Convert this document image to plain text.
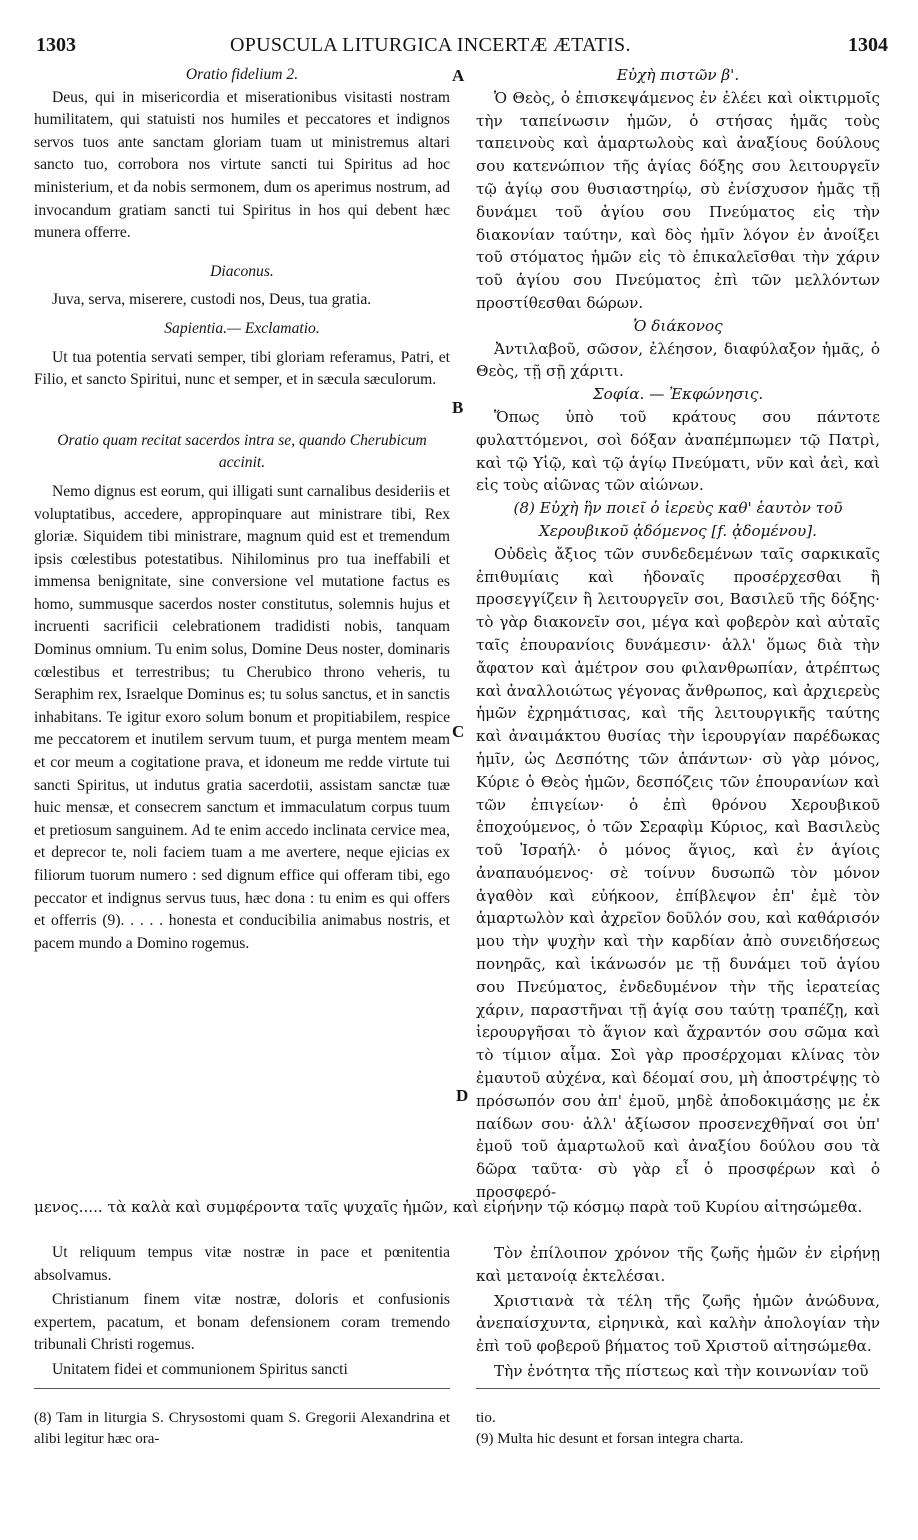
1303	OPUSCULA LITURGICA INCERTÆ ÆTATIS.	1304
A
B
C
D

Oratio fidelium 2.

Deus, qui in misericordia et miserationibus visitasti nostram humilitatem, qui statuisti nos humiles et peccatores et indignos servos tuos ante sanctam gloriam tuam ut ministremus altari sancto tuo, corrobora nos virtute sancti tui Spiritus ad hoc ministerium, et da nobis sermonem, dum os aperimus nostrum, ad invocandum gratiam sancti tui Spiritus in hos qui debent hæc munera offerre.

Diaconus.

Juva, serva, miserere, custodi nos, Deus, tua gratia.

Sapientia.— Exclamatio.

Ut tua potentia servati semper, tibi gloriam referamus, Patri, et Filio, et sancto Spiritui, nunc et semper, et in sæcula sæculorum.

Oratio quam recitat sacerdos intra se, quando Cherubicum accinit.

Nemo dignus est eorum, qui illigati sunt carnalibus desideriis et voluptatibus, accedere, appropinquare aut ministrare tibi, Rex gloriæ. Siquidem tibi ministrare, magnum quid est et tremendum ipsis cœlestibus potestatibus. Nihilominus pro tua ineffabili et immensa benignitate, sine conversione vel mutatione factus es homo, summusque sacerdos noster constitutus, solemnis hujus et incruenti sacrificii celebrationem tradidisti nobis, tanquam Dominus omnium. Tu enim solus, Domine Deus noster, dominaris cœlestibus et terrestribus; tu Cherubico throno veheris, tu Seraphim rex, Israelque Dominus es; tu solus sanctus, et in sanctis inhabitans. Te igitur exoro solum bonum et propitiabilem, respice me peccatorem et inutilem servum tuum, et purga mentem meam et cor meum a cogitatione prava, et idoneum me redde virtute tui sancti Spiritus, ut indutus gratia sacerdotii, assistam sanctæ tuæ huic mensæ, et consecrem sanctum et immaculatum corpus tuum et pretiosum sanguinem. Ad te enim accedo inclinata cervice mea, et deprecor te, noli faciem tuam a me avertere, neque ejicias ex filiorum tuorum numero : sed dignum effice qui offeram tibi, ego peccator et indignus servus tuus, hæc dona : tu enim es qui offers et offerris (9). . . . . honesta et conducibilia animabus nostris, et pacem mundo a Domino rogemus.

Εὐχὴ πιστῶν β'.

Ὁ Θεὸς, ὁ ἐπισκεψάμενος ἐν ἐλέει καὶ οἰκτιρμοῖς τὴν ταπείνωσιν ἡμῶν, ὁ στήσας ἡμᾶς τοὺς ταπεινοὺς καὶ ἁμαρτωλοὺς καὶ ἀναξίους δούλους σου κατενώπιον τῆς ἁγίας δόξης σου λειτουργεῖν τῷ ἁγίῳ σου θυσιαστηρίῳ, σὺ ἐνίσχυσον ἡμᾶς τῇ δυνάμει τοῦ ἁγίου σου Πνεύματος εἰς τὴν διακονίαν ταύτην, καὶ δὸς ἡμῖν λόγον ἐν ἀνοίξει τοῦ στόματος ἡμῶν εἰς τὸ ἐπικαλεῖσθαι τὴν χάριν τοῦ ἁγίου σου Πνεύματος ἐπὶ τῶν μελλόντων προστίθεσθαι δώρων.

Ὁ διάκονος

Ἀντιλαβοῦ, σῶσον, ἐλέησον, διαφύλαξον ἡμᾶς, ὁ Θεὸς, τῇ σῇ χάριτι.

Σοφία. — Ἐκφώνησις.

Ὅπως ὑπὸ τοῦ κράτους σου πάντοτε φυλαττόμενοι, σοὶ δόξαν ἀναπέμπωμεν τῷ Πατρὶ, καὶ τῷ Υἱῷ, καὶ τῷ ἁγίῳ Πνεύματι, νῦν καὶ ἀεὶ, καὶ εἰς τοὺς αἰῶνας τῶν αἰώνων.

(8) Εὐχὴ ἣν ποιεῖ ὁ ἱερεὺς καθ' ἑαυτὸν τοῦ Χερουβικοῦ ᾀδόμενος [f. ᾀδομένου].

Οὐδεὶς ἄξιος τῶν συνδεδεμένων ταῖς σαρκικαῖς ἐπιθυμίαις καὶ ἡδοναῖς προσέρχεσθαι ἢ προσεγγίζειν ἢ λειτουργεῖν σοι, Βασιλεῦ τῆς δόξης· τὸ γὰρ διακονεῖν σοι, μέγα καὶ φοβερὸν καὶ αὐταῖς ταῖς ἐπουρανίοις δυνάμεσιν· ἀλλ' ὅμως διὰ τὴν ἄφατον καὶ ἀμέτρον σου φιλανθρωπίαν, ἀτρέπτως καὶ ἀναλλοιώτως γέγονας ἄνθρωπος, καὶ ἀρχιερεὺς ἡμῶν ἐχρημάτισας, καὶ τῆς λειτουργικῆς ταύτης καὶ ἀναιμάκτου θυσίας τὴν ἱερουργίαν παρέδωκας ἡμῖν, ὡς Δεσπότης τῶν ἁπάντων· σὺ γὰρ μόνος, Κύριε ὁ Θεὸς ἡμῶν, δεσπόζεις τῶν ἐπουρανίων καὶ τῶν ἐπιγείων· ὁ ἐπὶ θρόνου Χερουβικοῦ ἐποχούμενος, ὁ τῶν Σεραφὶμ Κύριος, καὶ Βασιλεὺς τοῦ Ἰσραήλ· ὁ μόνος ἅγιος, καὶ ἐν ἁγίοις ἀναπαυόμενος· σὲ τοίνυν δυσωπῶ τὸν μόνον ἀγαθὸν καὶ εὐήκοον, ἐπίβλεψον ἐπ' ἐμὲ τὸν ἁμαρτωλὸν καὶ ἀχρεῖον δοῦλόν σου, καὶ καθάρισόν μου τὴν ψυχὴν καὶ τὴν καρδίαν ἀπὸ συνειδήσεως πονηρᾶς, καὶ ἱκάνωσόν με τῇ δυνάμει τοῦ ἁγίου σου Πνεύματος, ἐνδεδυμένον τὴν τῆς ἱερατείας χάριν, παραστῆναι τῇ ἁγίᾳ σου ταύτῃ τραπέζῃ, καὶ ἱερουργῆσαι τὸ ἅγιον καὶ ἄχραντόν σου σῶμα καὶ τὸ τίμιον αἷμα. Σοὶ γὰρ προσέρχομαι κλίνας τὸν ἐμαυτοῦ αὐχένα, καὶ δέομαί σου, μὴ ἀποστρέψῃς τὸ πρόσωπόν σου ἀπ' ἐμοῦ, μηδὲ ἀποδοκιμάσῃς με ἐκ παίδων σου· ἀλλ' ἀξίωσον προσενεχθῆναί σοι ὑπ' ἐμοῦ τοῦ ἁμαρτωλοῦ καὶ ἀναξίου δούλου σου τὰ δῶρα ταῦτα· σὺ γὰρ εἶ ὁ προσφέρων καὶ ὁ προσφερό-

μενος..... τὰ καλὰ καὶ συμφέροντα ταῖς ψυχαῖς ἡμῶν, καὶ εἰρήνην τῷ κόσμῳ παρὰ τοῦ Κυρίου αἰτησώμεθα.

Ut reliquum tempus vitæ nostræ in pace et pœnitentia absolvamus.

Christianum finem vitæ nostræ, doloris et confusionis expertem, pacatum, et bonam defensionem coram tremendo tribunali Christi rogemus.

Unitatem fidei et communionem Spiritus sancti

Τὸν ἐπίλοιπον χρόνον τῆς ζωῆς ἡμῶν ἐν εἰρήνῃ καὶ μετανοίᾳ ἐκτελέσαι.

Χριστιανὰ τὰ τέλη τῆς ζωῆς ἡμῶν ἀνώδυνα, ἀνεπαίσχυντα, εἰρηνικὰ, καὶ καλὴν ἀπολογίαν τὴν ἐπὶ τοῦ φοβεροῦ βήματος τοῦ Χριστοῦ αἰτησώμεθα.

Τὴν ἑνότητα τῆς πίστεως καὶ τὴν κοινωνίαν τοῦ

(8) Tam in liturgia S. Chrysostomi quam S. Gregorii Alexandrina et alibi legitur hæc ora-

tio.

(9) Multa hic desunt et forsan integra charta.
